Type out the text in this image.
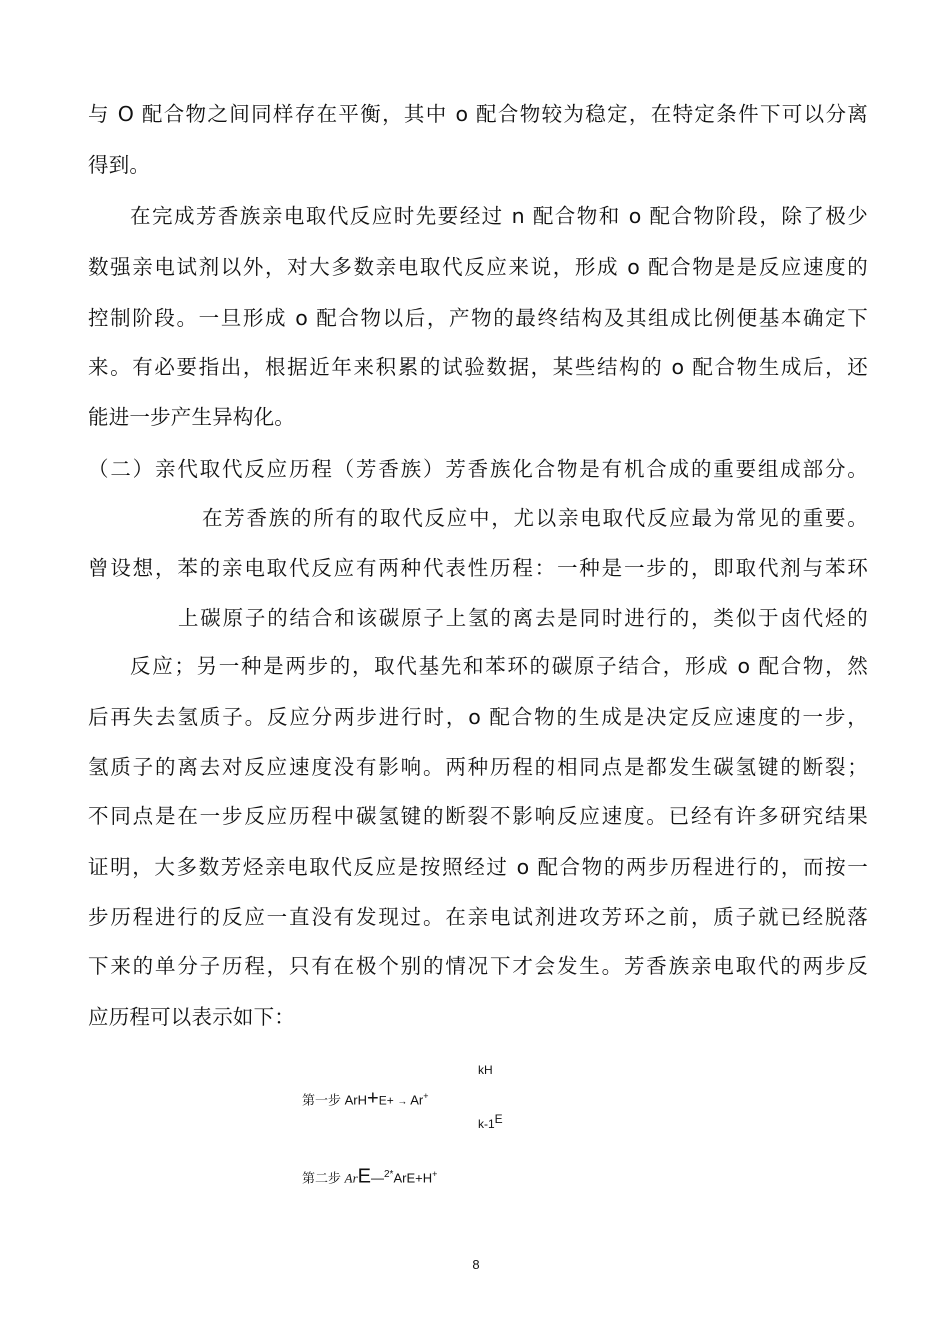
与 O 配合物之间同样存在平衡，其中 o 配合物较为稳定，在特定条件下可以分离
得到。
在完成芳香族亲电取代反应时先要经过 n 配合物和 o 配合物阶段，除了极少
数强亲电试剂以外，对大多数亲电取代反应来说，形成 o 配合物是是反应速度的
控制阶段。一旦形成 o 配合物以后，产物的最终结构及其组成比例便基本确定下
来。有必要指出，根据近年来积累的试验数据，某些结构的 o 配合物生成后，还
能进一步产生异构化。
（二）亲代取代反应历程（芳香族）芳香族化合物是有机合成的重要组成部分。
在芳香族的所有的取代反应中，尤以亲电取代反应最为常见的重要。
曾设想，苯的亲电取代反应有两种代表性历程：一种是一步的，即取代剂与苯环
上碳原子的结合和该碳原子上氢的离去是同时进行的，类似于卤代烃的
反应；另一种是两步的，取代基先和苯环的碳原子结合，形成 o 配合物，然
后再失去氢质子。反应分两步进行时，o 配合物的生成是决定反应速度的一步，
氢质子的离去对反应速度没有影响。两种历程的相同点是都发生碳氢键的断裂；
不同点是在一步反应历程中碳氢键的断裂不影响反应速度。已经有许多研究结果
证明，大多数芳烃亲电取代反应是按照经过 o 配合物的两步历程进行的，而按一
步历程进行的反应一直没有发现过。在亲电试剂进攻芳环之前，质子就已经脱落
下来的单分子历程，只有在极个别的情况下才会发生。芳香族亲电取代的两步反
应历程可以表示如下：
kH
第一步 ArH+E+ → Ar+
$k-1^E$
第二步 ArE—$^{2*}$ArE+H+
8
